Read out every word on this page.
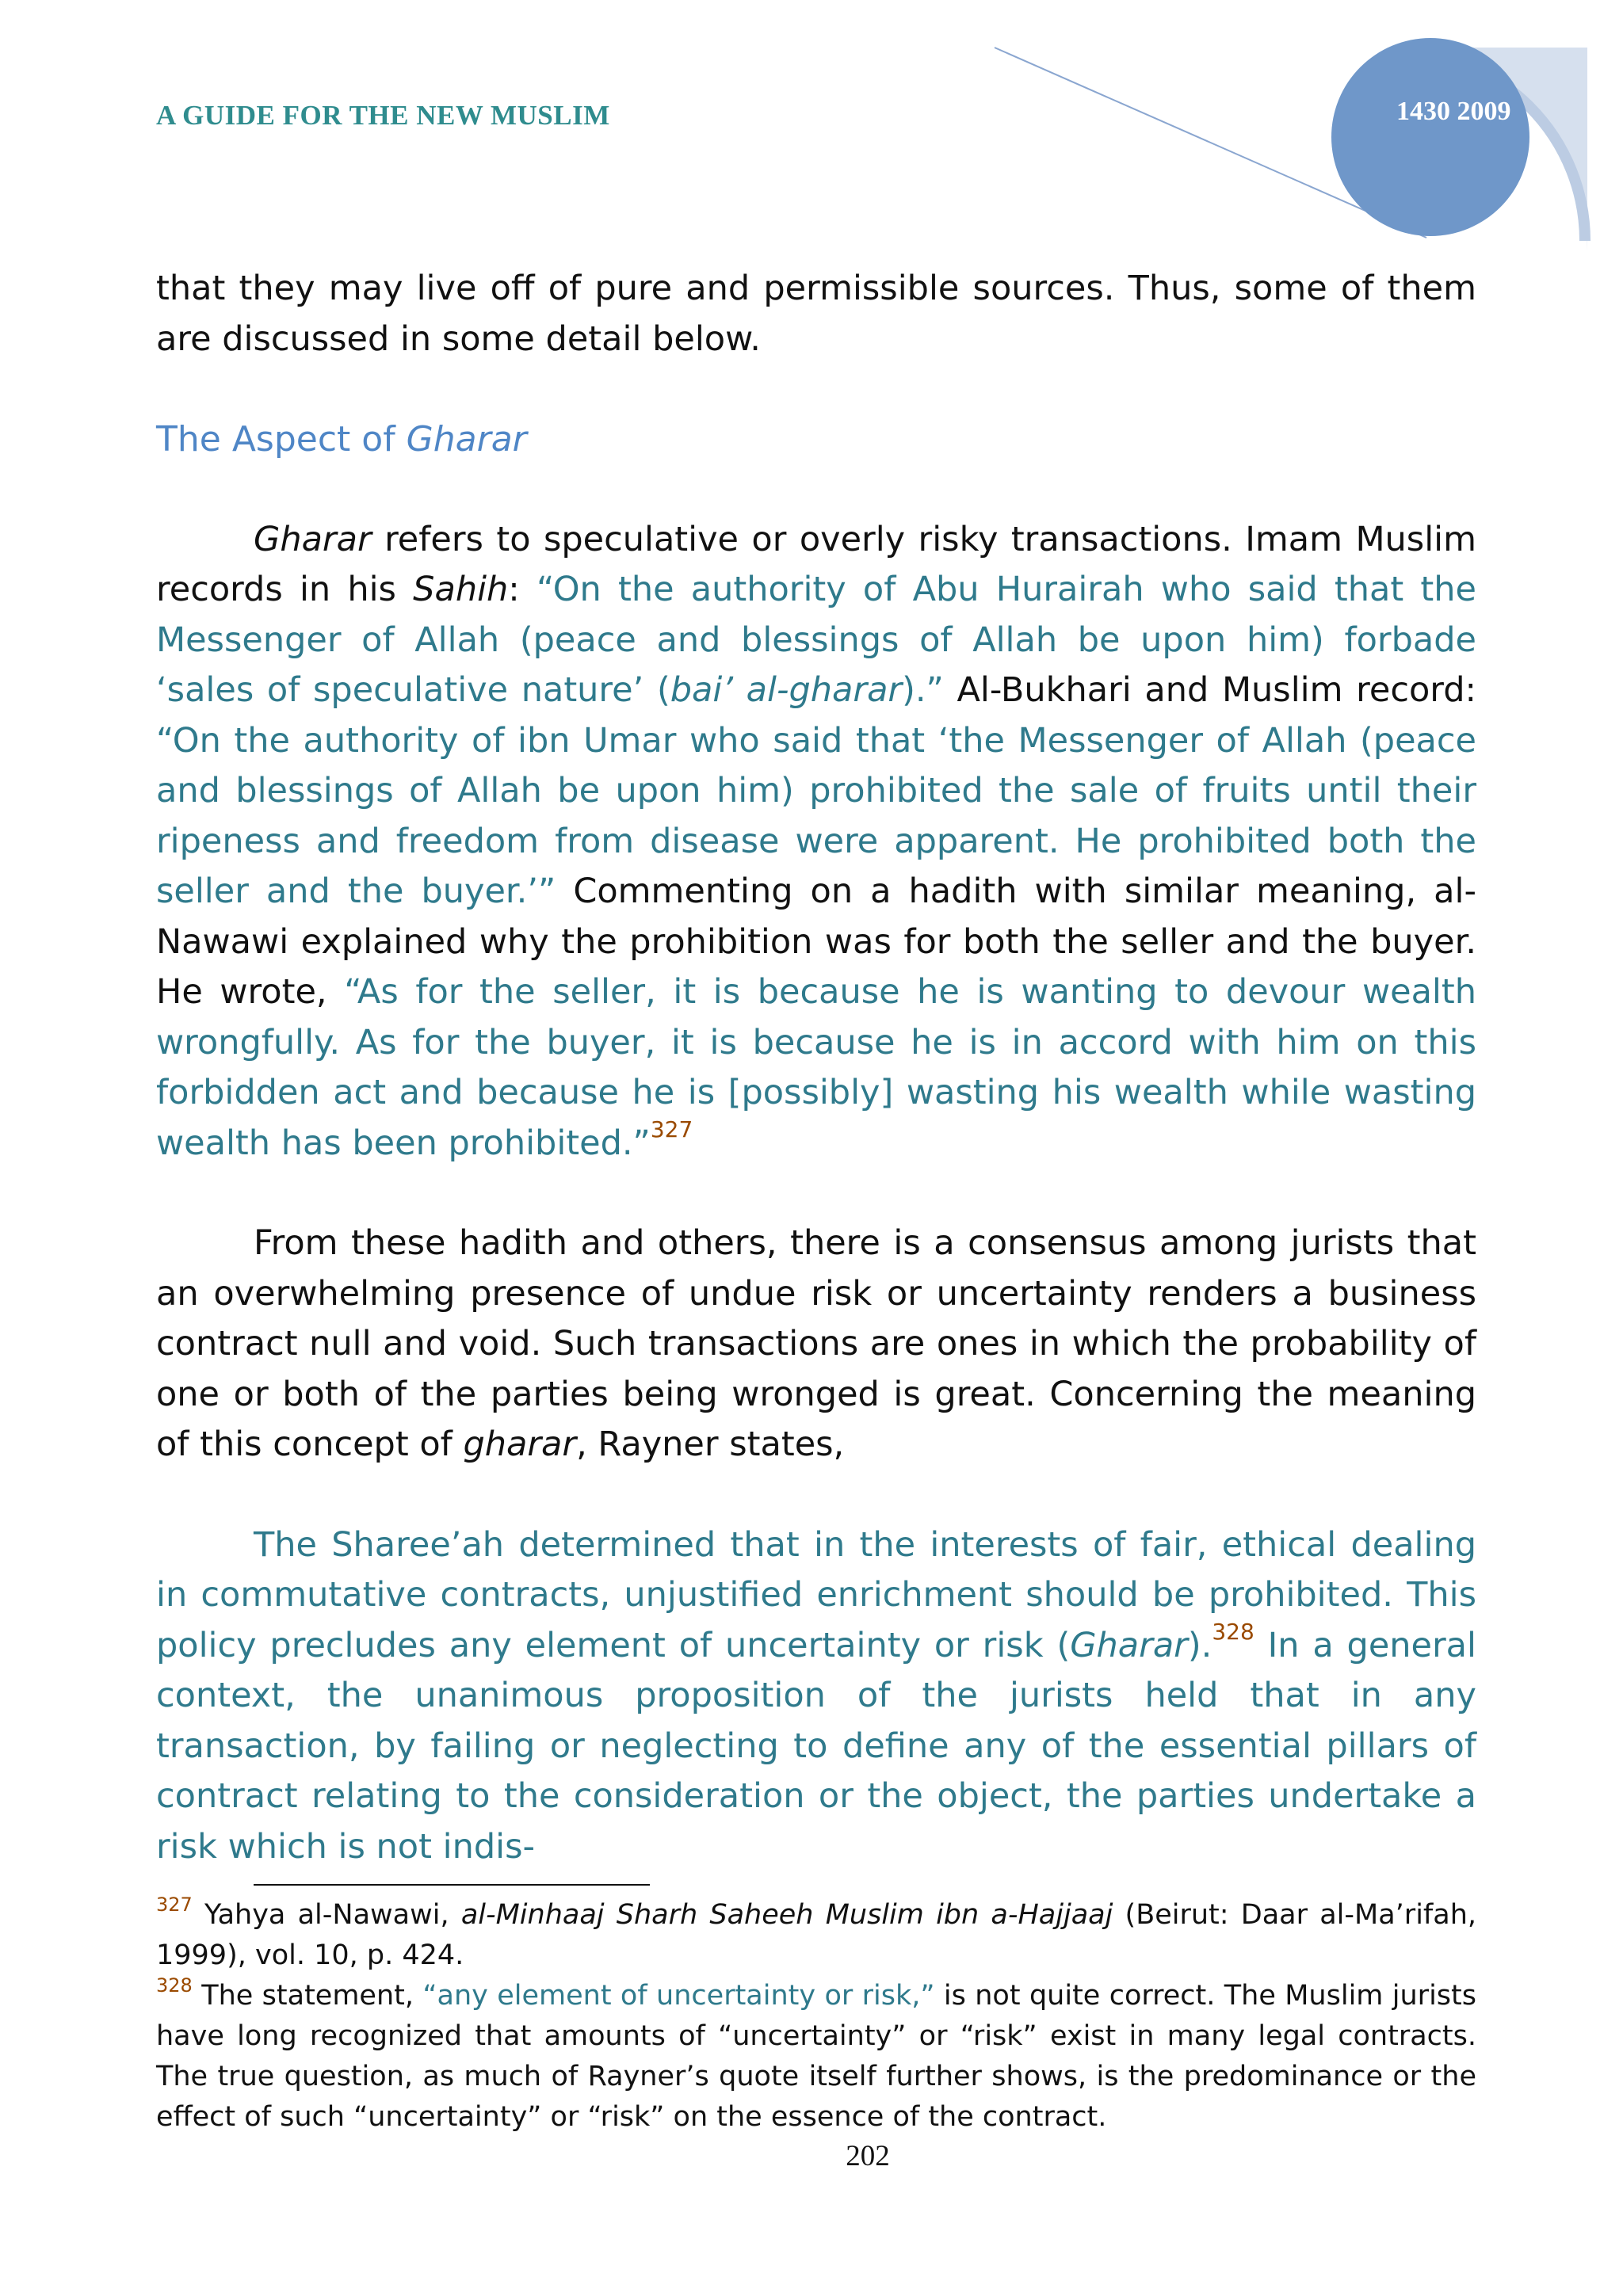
A GUIDE FOR THE NEW MUSLIM	1430 2009

that they may live off of pure and permissible sources. Thus, some of them are discussed in some detail below.

The Aspect of Gharar

Gharar refers to speculative or overly risky transactions. Imam Muslim records in his Sahih: “On the authority of Abu Hurairah who said that the Messenger of Allah (peace and blessings of Allah be upon him) forbade ‘sales of speculative nature’ (bai’ al-gharar).” Al-Bukhari and Muslim record: “On the authority of ibn Umar who said that ‘the Messenger of Allah (peace and blessings of Allah be upon him) prohibited the sale of fruits until their ripeness and freedom from disease were apparent. He prohibited both the seller and the buyer.’” Commenting on a hadith with similar meaning, al-Nawawi explained why the prohibition was for both the seller and the buyer. He wrote, “As for the seller, it is because he is wanting to devour wealth wrongfully. As for the buyer, it is because he is in accord with him on this forbidden act and because he is [possibly] wasting his wealth while wasting wealth has been prohibited.”$^{327}$

From these hadith and others, there is a consensus among jurists that an overwhelming presence of undue risk or uncertainty renders a business contract null and void. Such transactions are ones in which the probability of one or both of the parties being wronged is great. Concerning the meaning of this concept of gharar, Rayner states,

The Sharee’ah determined that in the interests of fair, ethical dealing in commutative contracts, unjustified enrichment should be prohibited. This policy precludes any element of uncertainty or risk (Gharar).$^{328}$ In a general context, the unanimous proposition of the jurists held that in any transaction, by failing or neglecting to define any of the essential pillars of contract relating to the consideration or the object, the parties undertake a risk which is not indis-

$^{327}$ Yahya al-Nawawi, al-Minhaaj Sharh Saheeh Muslim ibn a-Hajjaaj (Beirut: Daar al-Ma’rifah, 1999), vol. 10, p. 424.

$^{328}$ The statement, “any element of uncertainty or risk,” is not quite correct. The Muslim jurists have long recognized that amounts of “uncertainty” or “risk” exist in many legal contracts. The true question, as much of Rayner’s quote itself further shows, is the predominance or the effect of such “uncertainty” or “risk” on the essence of the contract.

202
